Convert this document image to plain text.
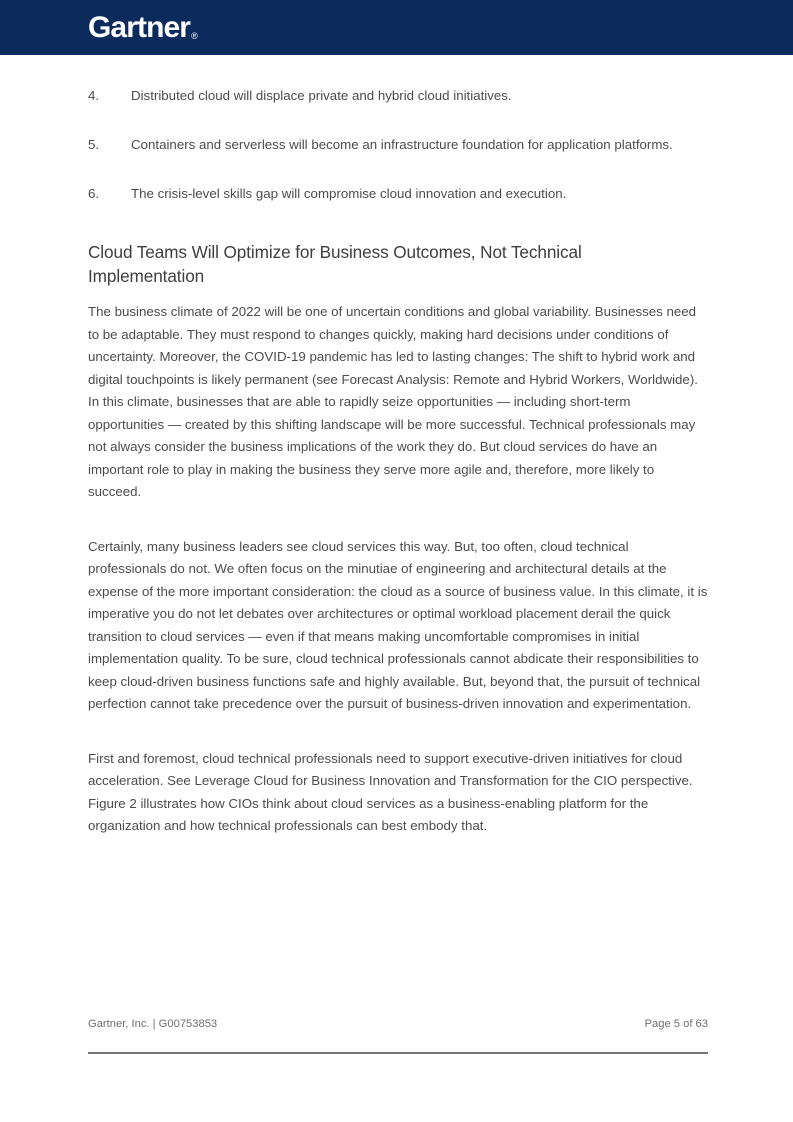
Gartner ®
4.	Distributed cloud will displace private and hybrid cloud initiatives.
5.	Containers and serverless will become an infrastructure foundation for application platforms.
6.	The crisis-level skills gap will compromise cloud innovation and execution.
Cloud Teams Will Optimize for Business Outcomes, Not Technical Implementation

The business climate of 2022 will be one of uncertain conditions and global variability. Businesses need to be adaptable. They must respond to changes quickly, making hard decisions under conditions of uncertainty. Moreover, the COVID-19 pandemic has led to lasting changes: The shift to hybrid work and digital touchpoints is likely permanent (see Forecast Analysis: Remote and Hybrid Workers, Worldwide). In this climate, businesses that are able to rapidly seize opportunities — including short-term opportunities — created by this shifting landscape will be more successful. Technical professionals may not always consider the business implications of the work they do. But cloud services do have an important role to play in making the business they serve more agile and, therefore, more likely to succeed.

Certainly, many business leaders see cloud services this way. But, too often, cloud technical professionals do not. We often focus on the minutiae of engineering and architectural details at the expense of the more important consideration: the cloud as a source of business value. In this climate, it is imperative you do not let debates over architectures or optimal workload placement derail the quick transition to cloud services — even if that means making uncomfortable compromises in initial implementation quality. To be sure, cloud technical professionals cannot abdicate their responsibilities to keep cloud-driven business functions safe and highly available. But, beyond that, the pursuit of technical perfection cannot take precedence over the pursuit of business-driven innovation and experimentation.

First and foremost, cloud technical professionals need to support executive-driven initiatives for cloud acceleration. See Leverage Cloud for Business Innovation and Transformation for the CIO perspective. Figure 2 illustrates how CIOs think about cloud services as a business-enabling platform for the organization and how technical professionals can best embody that.

Gartner, Inc. | G00753853	Page 5 of 63
